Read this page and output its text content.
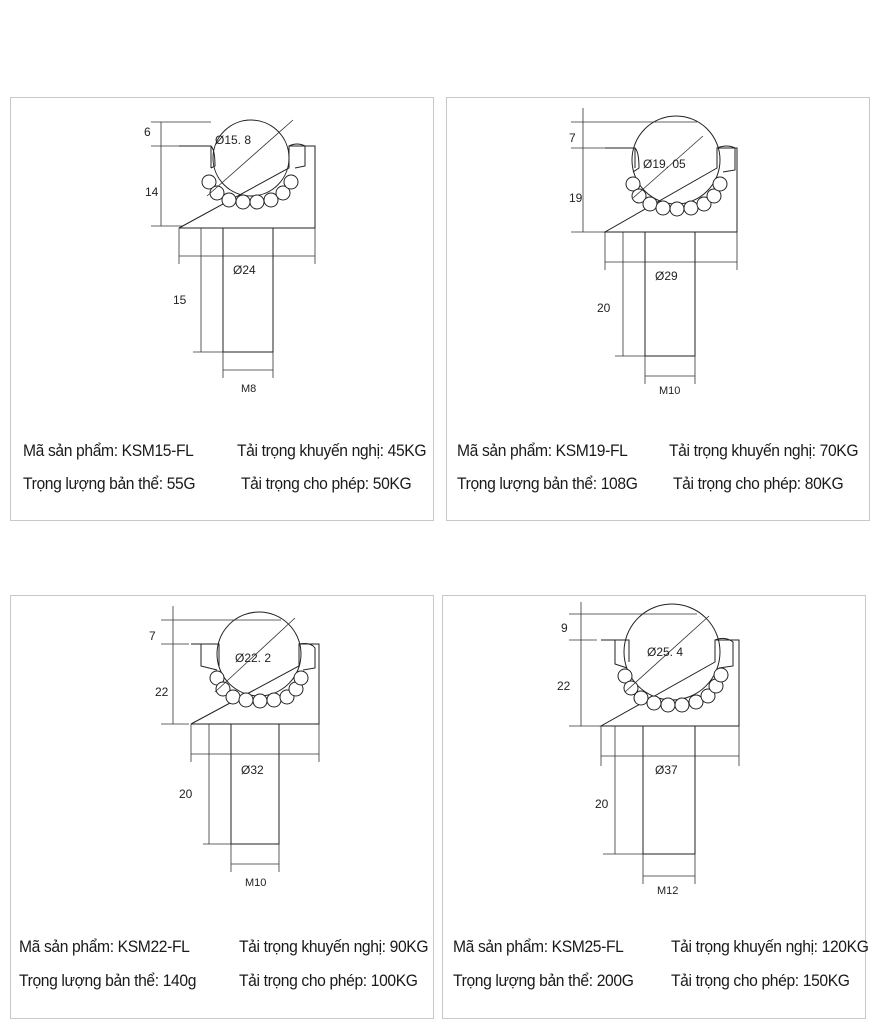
6
14
Ø15. 8
Ø24
15
M8
Mã sản phẩm: KSM15-FL	Tải trọng khuyến nghị: 45KG
Trọng lượng bản thể: 55G	Tải trọng cho phép: 50KG
7
19
Ø19. 05
Ø29
20
M10
Mã sản phẩm: KSM19-FL Tải trọng khuyến nghị: 70KG
Trọng lượng bản thể: 108G Tải trọng cho phép: 80KG
7
22
Ø22. 2
Ø32
20
M10
Mã sản phẩm: KSM22-FL	Tải trọng khuyến nghị: 90KG
Trọng lượng bản thể: 140g	Tải trọng cho phép: 100KG
9
22
Ø25. 4
Ø37
20
M12
Mã sản phẩm: KSM25-FL	Tải trọng khuyến nghị: 120KG
Trọng lượng bản thể: 200G Tải trọng cho phép: 150KG
